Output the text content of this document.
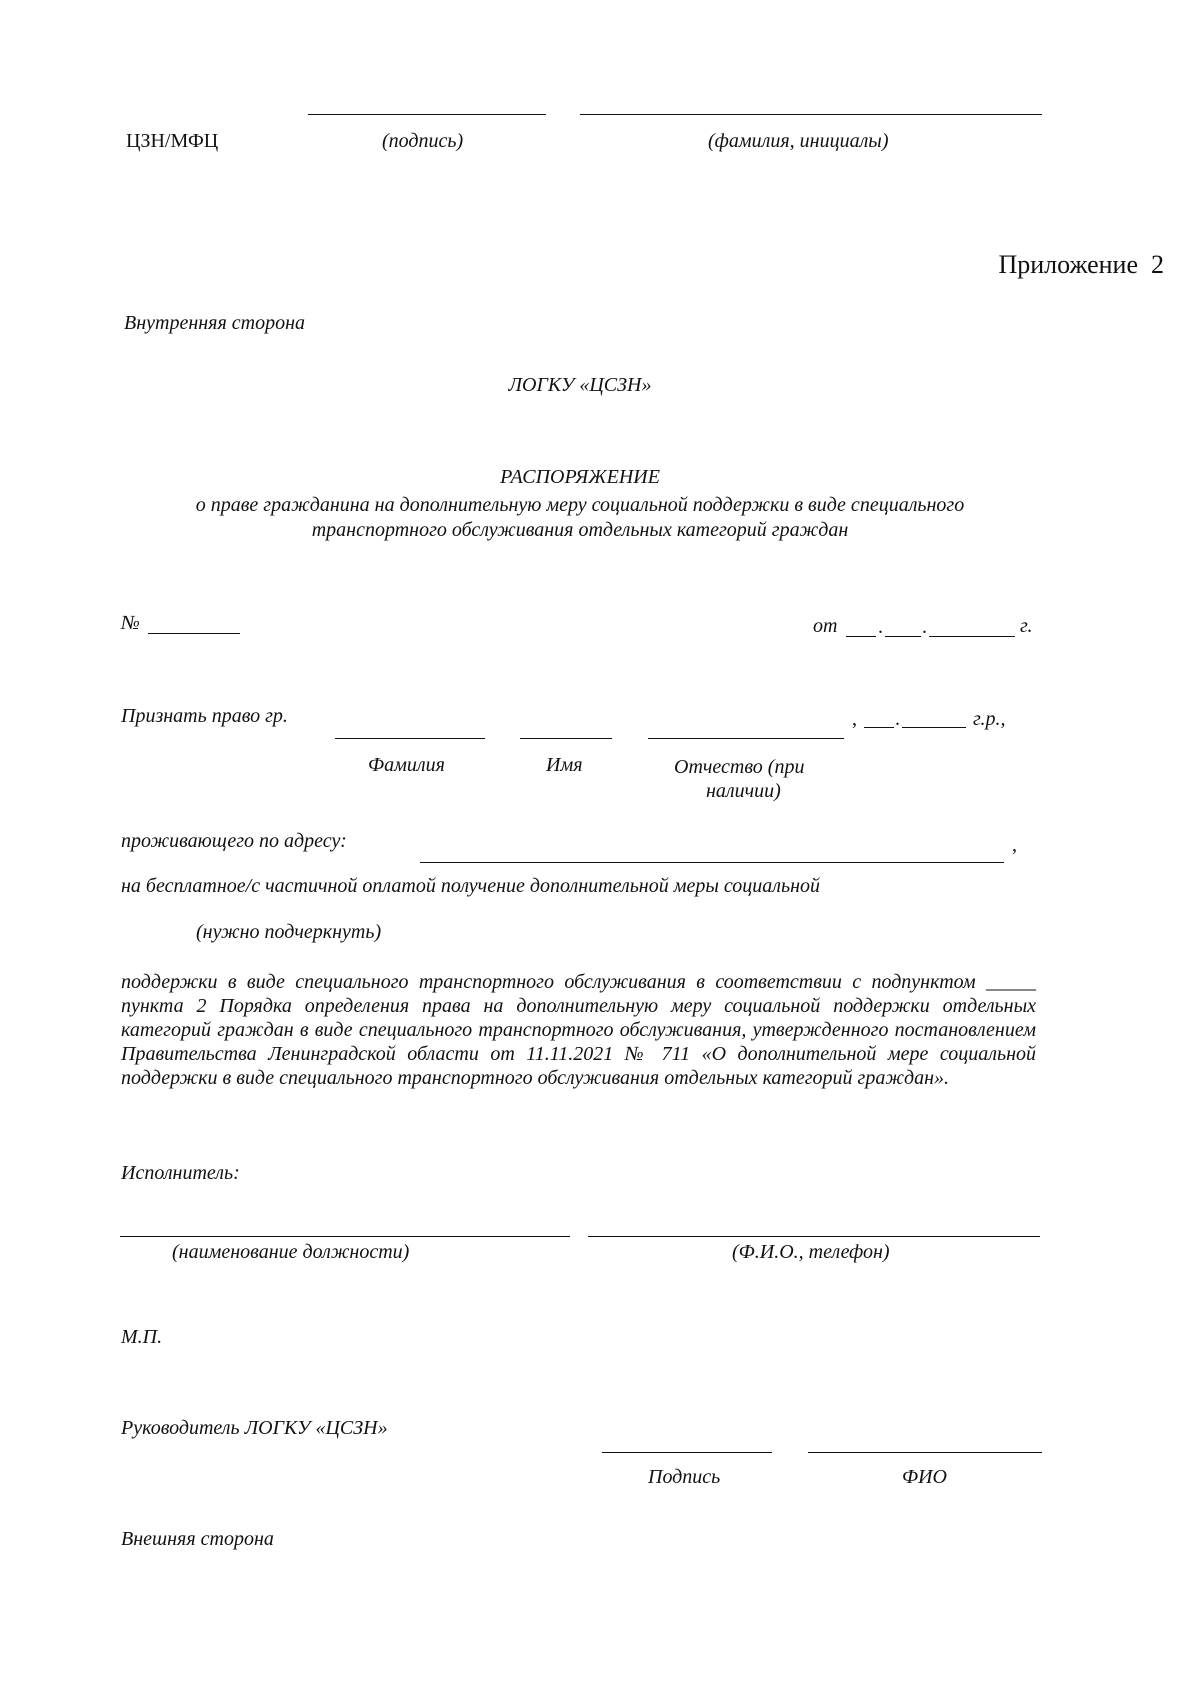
ЦЗН/МФЦ	(подпись)	(фамилия, инициалы)
Приложение  2
Внутренняя сторона
ЛОГКУ «ЦСЗН»
РАСПОРЯЖЕНИЕ
о праве гражданина на дополнительную меру социальной поддержки в виде специального
транспортного обслуживания отдельных категорий граждан
№	от . .	г.
Признать право гр.	, .	г.р.,
Фамилия	Имя	Отчество (при
наличии)
проживающего по адресу:	,
на бесплатное/с частичной оплатой получение дополнительной меры социальной
(нужно подчеркнуть)
поддержки в виде специального транспортного обслуживания в соответствии с подпунктом _____ пункта 2 Порядка определения права на дополнительную меру социальной поддержки отдельных категорий граждан в виде специального транспортного обслуживания, утвержденного постановлением Правительства Ленинградской области от 11.11.2021 № 711 «О дополнительной мере социальной поддержки в виде специального транспортного обслуживания отдельных категорий граждан».
Исполнитель:
(наименование должности)	(Ф.И.О., телефон)
М.П.
Руководитель ЛОГКУ «ЦСЗН»
Подпись	ФИО
Внешняя сторона
